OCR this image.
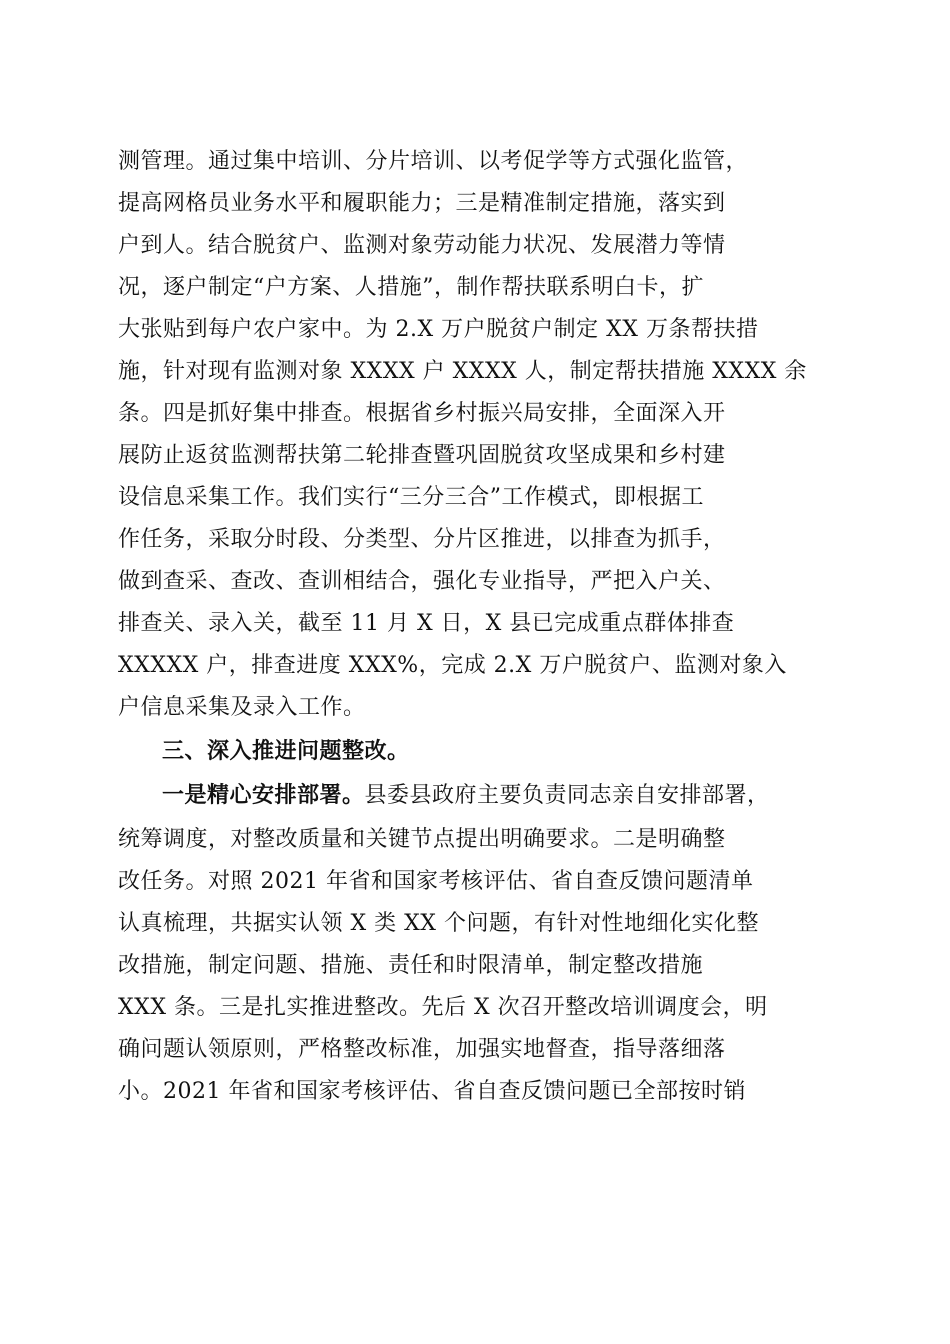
测管理。通过集中培训、分片培训、以考促学等方式强化监管，
提高网格员业务水平和履职能力；三是精准制定措施，落实到
户到人。结合脱贫户、监测对象劳动能力状况、发展潜力等情
况，逐户制定“户方案、人措施”，制作帮扶联系明白卡，扩
大张贴到每户农户家中。为 2.X 万户脱贫户制定 XX 万条帮扶措
施，针对现有监测对象 XXXX 户 XXXX 人，制定帮扶措施 XXXX 余
条。四是抓好集中排查。根据省乡村振兴局安排，全面深入开
展防止返贫监测帮扶第二轮排查暨巩固脱贫攻坚成果和乡村建
设信息采集工作。我们实行“三分三合”工作模式，即根据工
作任务，采取分时段、分类型、分片区推进，以排查为抓手，
做到查采、查改、查训相结合，强化专业指导，严把入户关、
排查关、录入关，截至 11 月 X 日，X 县已完成重点群体排查
XXXXX 户，排查进度 XXX%，完成 2.X 万户脱贫户、监测对象入
户信息采集及录入工作。
三、深入推进问题整改。
一是精心安排部署。县委县政府主要负责同志亲自安排部署，
统筹调度，对整改质量和关键节点提出明确要求。二是明确整
改任务。对照 2021 年省和国家考核评估、省自查反馈问题清单
认真梳理，共据实认领 X 类 XX 个问题，有针对性地细化实化整
改措施，制定问题、措施、责任和时限清单，制定整改措施
XXX 条。三是扎实推进整改。先后 X 次召开整改培训调度会，明
确问题认领原则，严格整改标准，加强实地督查，指导落细落
小。2021 年省和国家考核评估、省自查反馈问题已全部按时销
